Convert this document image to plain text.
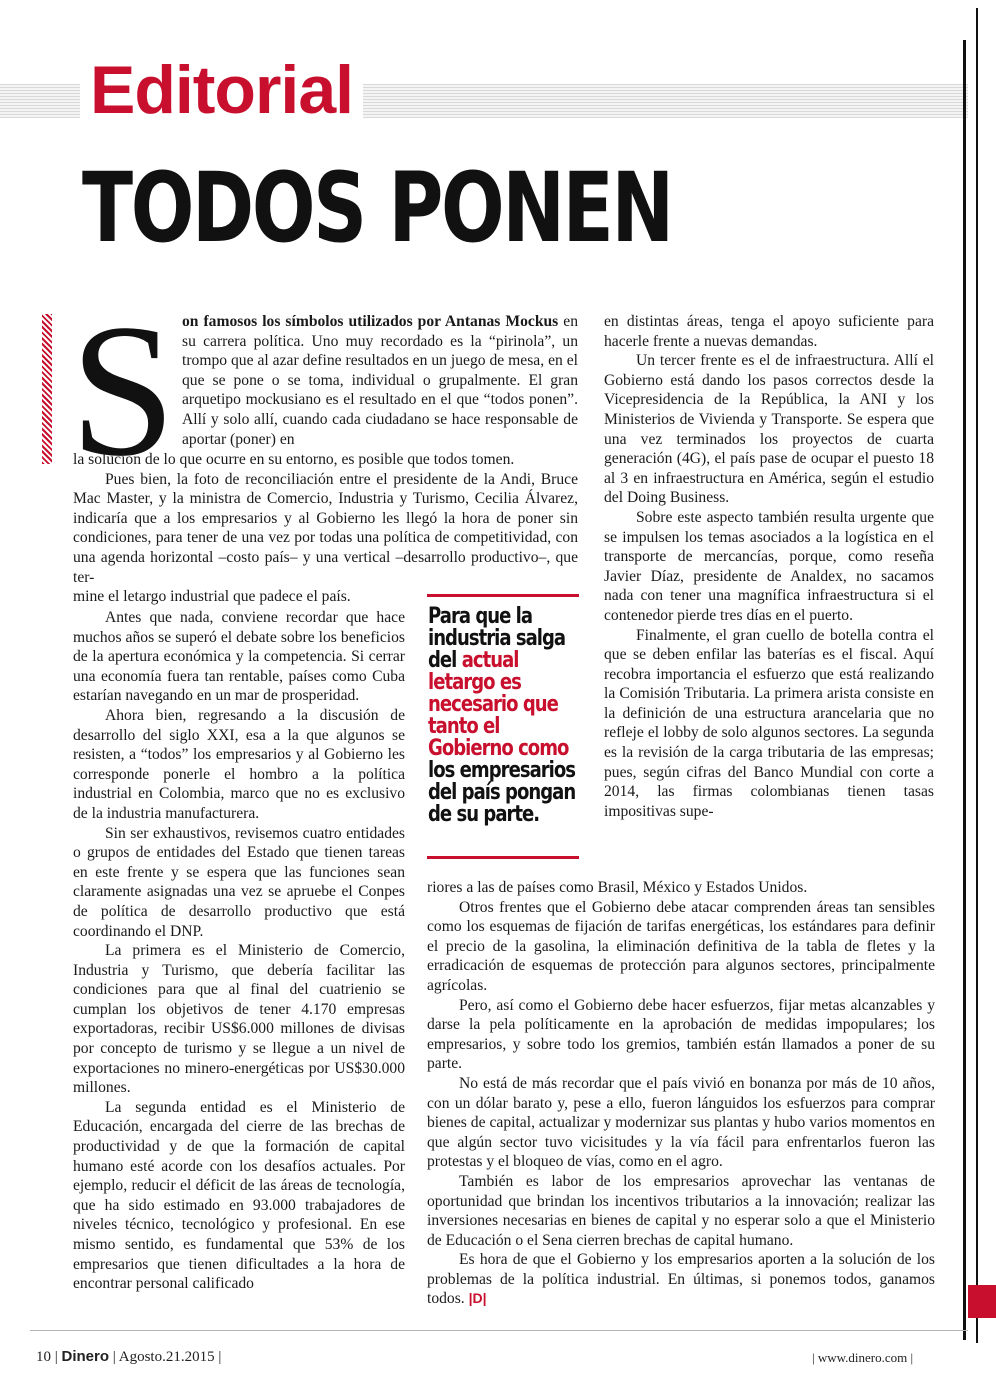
Editorial
TODOS PONEN
S on famosos los símbolos utilizados por Antanas Mockus en su carrera política. Uno muy recordado es la “pirinola”, un trompo que al azar define resultados en un juego de mesa, en el que se pone o se toma, individual o grupalmente. El gran arquetipo mockusiano es el resultado en el que “todos ponen”. Allí y solo allí, cuando cada ciudadano se hace responsable de aportar (poner) en

la solución de lo que ocurre en su entorno, es posible que todos tomen.

Pues bien, la foto de reconciliación entre el presidente de la Andi, Bruce Mac Master, y la ministra de Comercio, Industria y Turismo, Cecilia Álvarez, indicaría que a los empresarios y al Gobierno les llegó la hora de poner sin condiciones, para tener de una vez por todas una política de competitividad, con una agenda horizontal –costo país– y una vertical –desarrollo productivo–, que ter-

mine el letargo industrial que padece el país.

Antes que nada, conviene recordar que hace muchos años se superó el debate sobre los beneficios de la apertura económica y la competencia. Si cerrar una economía fuera tan rentable, países como Cuba estarían navegando en un mar de prosperidad.

Ahora bien, regresando a la discusión de desarrollo del siglo XXI, esa a la que algunos se resisten, a “todos” los empresarios y al Gobierno les corresponde ponerle el hombro a la política industrial en Colombia, marco que no es exclusivo de la industria manufacturera.

Sin ser exhaustivos, revisemos cuatro entidades o grupos de entidades del Estado que tienen tareas en este frente y se espera que las funciones sean claramente asignadas una vez se apruebe el Conpes de política de desarrollo productivo que está coordinando el DNP.

La primera es el Ministerio de Comercio, Industria y Turismo, que debería facilitar las condiciones para que al final del cuatrienio se cumplan los objetivos de tener 4.170 empresas exportadoras, recibir US$6.000 millones de divisas por concepto de turismo y se llegue a un nivel de exportaciones no minero-energéticas por US$30.000 millones.

La segunda entidad es el Ministerio de Educación, encargada del cierre de las brechas de productividad y de que la formación de capital humano esté acorde con los desafíos actuales. Por ejemplo, reducir el déficit de las áreas de tecnología, que ha sido estimado en 93.000 trabajadores de niveles técnico, tecnológico y profesional. En ese mismo sentido, es fundamental que 53% de los empresarios que tienen dificultades a la hora de encontrar personal calificado

Para que la industria salga del actual letargo es necesario que tanto el Gobierno como los empresarios del país pongan de su parte.

en distintas áreas, tenga el apoyo suficiente para hacerle frente a nuevas demandas.

Un tercer frente es el de infraestructura. Allí el Gobierno está dando los pasos correctos desde la Vicepresidencia de la República, la ANI y los Ministerios de Vivienda y Transporte. Se espera que una vez terminados los proyectos de cuarta generación (4G), el país pase de ocupar el puesto 18 al 3 en infraestructura en América, según el estudio del Doing Business.

Sobre este aspecto también resulta urgente que se impulsen los temas asociados a la logística en el transporte de mercancías, porque, como reseña Javier Díaz, presidente de Analdex, no sacamos nada con tener una magnífica infraestructura si el contenedor pierde tres días en el puerto.

Finalmente, el gran cuello de botella contra el que se deben enfilar las baterías es el fiscal. Aquí recobra importancia el esfuerzo que está realizando la Comisión Tributaria. La primera arista consiste en la definición de una estructura arancelaria que no refleje el lobby de solo algunos sectores. La segunda es la revisión de la carga tributaria de las empresas; pues, según cifras del Banco Mundial con corte a 2014, las firmas colombianas tienen tasas impositivas supe-

riores a las de países como Brasil, México y Estados Unidos.

Otros frentes que el Gobierno debe atacar comprenden áreas tan sensibles como los esquemas de fijación de tarifas energéticas, los estándares para definir el precio de la gasolina, la eliminación definitiva de la tabla de fletes y la erradicación de esquemas de protección para algunos sectores, principalmente agrícolas.

Pero, así como el Gobierno debe hacer esfuerzos, fijar metas alcanzables y darse la pela políticamente en la aprobación de medidas impopulares; los empresarios, y sobre todo los gremios, también están llamados a poner de su parte.

No está de más recordar que el país vivió en bonanza por más de 10 años, con un dólar barato y, pese a ello, fueron lánguidos los esfuerzos para comprar bienes de capital, actualizar y modernizar sus plantas y hubo varios momentos en que algún sector tuvo vicisitudes y la vía fácil para enfrentarlos fueron las protestas y el bloqueo de vías, como en el agro.

También es labor de los empresarios aprovechar las ventanas de oportunidad que brindan los incentivos tributarios a la innovación; realizar las inversiones necesarias en bienes de capital y no esperar solo a que el Ministerio de Educación o el Sena cierren brechas de capital humano.

Es hora de que el Gobierno y los empresarios aporten a la solución de los problemas de la política industrial. En últimas, si ponemos todos, ganamos todos. |D|

10 | Dinero | Agosto.21.2015 |	| www.dinero.com |
